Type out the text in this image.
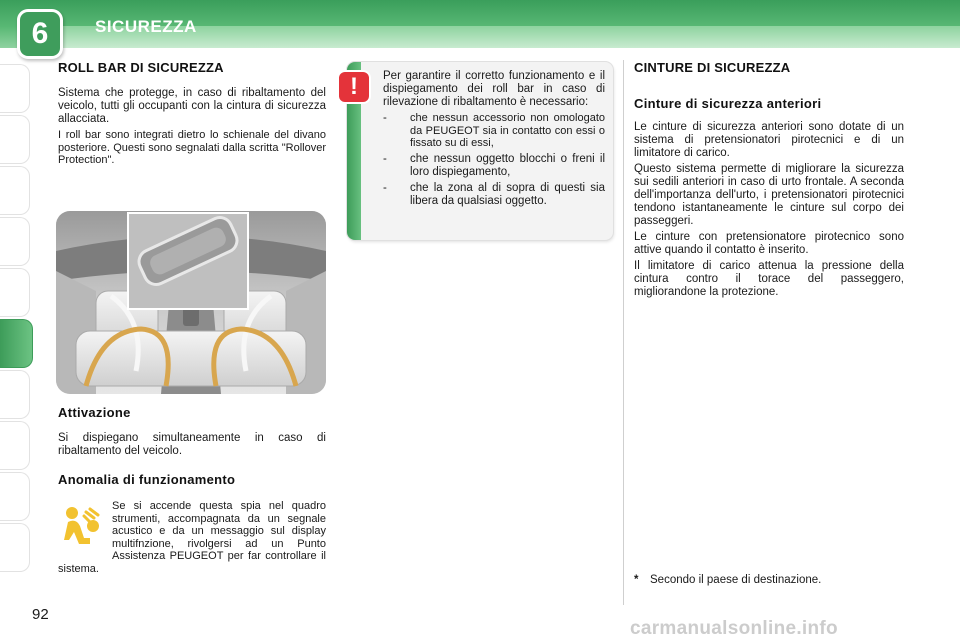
6	SICUREZZA
ROLL BAR DI SICUREZZA

Sistema che protegge, in caso di ribaltamento del veicolo, tutti gli occupanti con la cintura di sicurezza allacciata.

I roll bar sono integrati dietro lo schienale del divano posteriore. Questi sono segnalati dalla scritta "Rollover Protection".

Attivazione

Si dispiegano simultaneamente in caso di ribaltamento del veicolo.

Anomalia di funzionamento

Se si accende questa spia nel quadro strumenti, accompagnata da un segnale acustico e da un messaggio sul display multifnzione, rivolgersi ad un Punto Assistenza PEUGEOT per far controllare il sistema.

Per garantire il corretto funzionamento e il dispiegamento dei roll bar in caso di rilevazione di ribaltamento è necessario:

-	che nessun accessorio non omologato da PEUGEOT sia in contatto con essi o fissato su di essi,

-	che nessun oggetto blocchi o freni il loro dispiegamento,

-	che la zona al di sopra di questi sia libera da qualsiasi oggetto.

!
CINTURE DI SICUREZZA
Cinture di sicurezza anteriori

Le cinture di sicurezza anteriori sono dotate di un sistema di pretensionatori pirotecnici e di un limitatore di carico.

Questo sistema permette di migliorare la sicurezza sui sedili anteriori in caso di urto frontale. A seconda dell'importanza dell'urto, i pretensionatori pirotecnici tendono istantaneamente le cinture sul corpo dei passeggeri.

Le cinture con pretensionatore pirotecnico sono attive quando il contatto è inserito.

Il limitatore di carico attenua la pressione della cintura contro il torace del passeggero, migliorandone la protezione.

*	Secondo il paese di destinazione.
92
carmanualsonline.info
